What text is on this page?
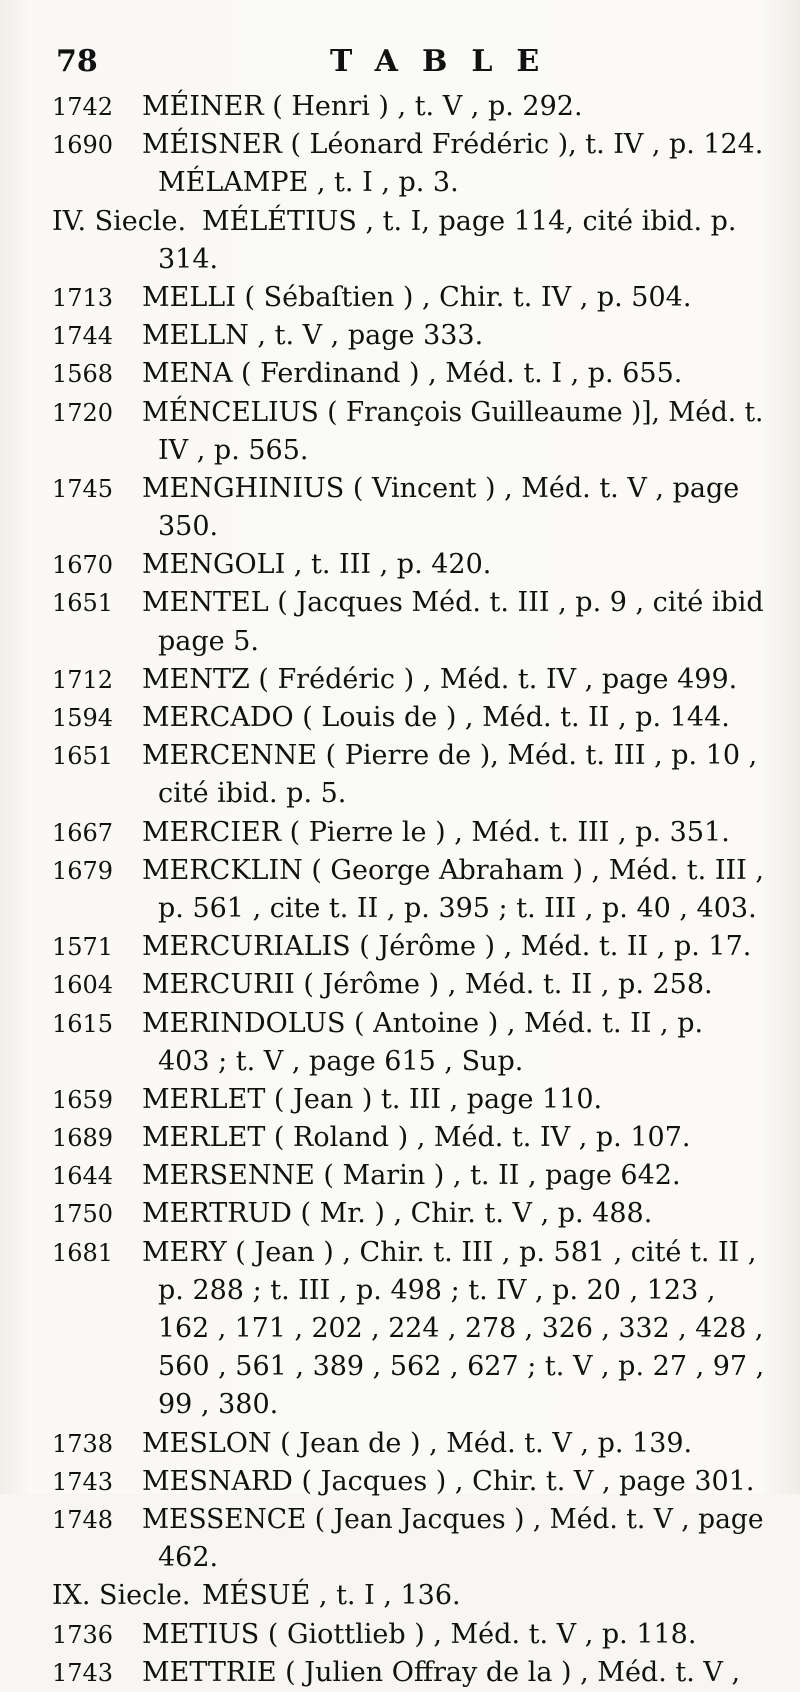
78	TABLE
1742	MÉINER ( Henri ) , t. V , p. 292.
1690	MÉISNER ( Léonard Frédéric ), t. IV , p. 124.
MÉLAMPE , t. I , p. 3.
IV. Siecle. MÉLÉTIUS , t. I, page 114, cité ibid. p.
314.
1713	MELLI ( Sébaſtien ) , Chir. t. IV , p. 504.
1744	MELLN , t. V , page 333.
1568	MENA ( Ferdinand ) , Méd. t. I , p. 655.
1720	MÉNCELIUS ( François Guilleaume )], Méd. t.
IV , p. 565.
1745	MENGHINIUS ( Vincent ) , Méd. t. V , page
350.
1670	MENGOLI , t. III , p. 420.
1651	MENTEL ( Jacques Méd. t. III , p. 9 , cité ibid
page 5.
1712	MENTZ ( Frédéric ) , Méd. t. IV , page 499.
1594	MERCADO ( Louis de ) , Méd. t. II , p. 144.
1651	MERCENNE ( Pierre de ), Méd. t. III , p. 10 ,
cité ibid. p. 5.
1667	MERCIER ( Pierre le ) , Méd. t. III , p. 351.
1679	MERCKLIN ( George Abraham ) , Méd. t. III ,
p. 561 , cite t. II , p. 395 ; t. III , p. 40 , 403.
1571	MERCURIALIS ( Jérôme ) , Méd. t. II , p. 17.
1604	MERCURII ( Jérôme ) , Méd. t. II , p. 258.
1615	MERINDOLUS ( Antoine ) , Méd. t. II , p.
403 ; t. V , page 615 , Sup.
1659	MERLET ( Jean ) t. III , page 110.
1689	MERLET ( Roland ) , Méd. t. IV , p. 107.
1644	MERSENNE ( Marin ) , t. II , page 642.
1750	MERTRUD ( Mr. ) , Chir. t. V , p. 488.
1681	MERY ( Jean ) , Chir. t. III , p. 581 , cité t. II ,
p. 288 ; t. III , p. 498 ; t. IV , p. 20 , 123 ,
162 , 171 , 202 , 224 , 278 , 326 , 332 , 428 ,
560 , 561 , 389 , 562 , 627 ; t. V , p. 27 , 97 ,
99 , 380.
1738	MESLON ( Jean de ) , Méd. t. V , p. 139.
1743	MESNARD ( Jacques ) , Chir. t. V , page 301.
1748	MESSENCE ( Jean Jacques ) , Méd. t. V , page
462.
IX. Siecle. MÉSUÉ , t. I , 136.
1736	METIUS ( Giottlieb ) , Méd. t. V , p. 118.
1743	METTRIE ( Julien Offray de la ) , Méd. t. V ,
